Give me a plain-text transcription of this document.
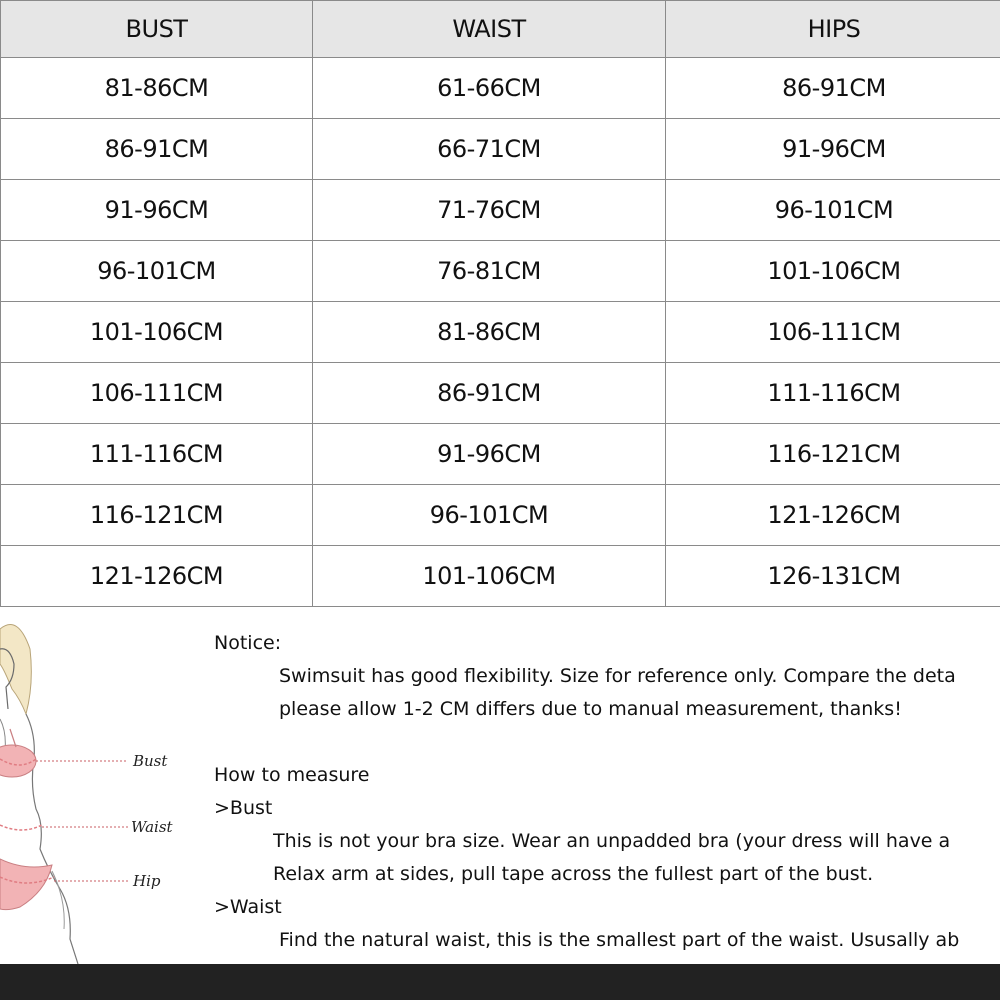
BUST	WAIST	HIPS
81-86CM	61-66CM	86-91CM
86-91CM	66-71CM	91-96CM
91-96CM	71-76CM	96-101CM
96-101CM	76-81CM	101-106CM
101-106CM	81-86CM	106-111CM
106-111CM	86-91CM	111-116CM
111-116CM	91-96CM	116-121CM
116-121CM	96-101CM	121-126CM
121-126CM	101-106CM	126-131CM
Bust
Waist
Hip
Notice:
Swimsuit has good flexibility. Size for reference only. Compare the deta
please allow 1-2 CM differs due to manual measurement, thanks!
How to measure
>Bust
This is not your bra size. Wear an unpadded bra (your dress will have a
Relax arm at sides, pull tape across the fullest part of the bust.
>Waist
Find the natural waist, this is the smallest part of the waist. Ususally ab
